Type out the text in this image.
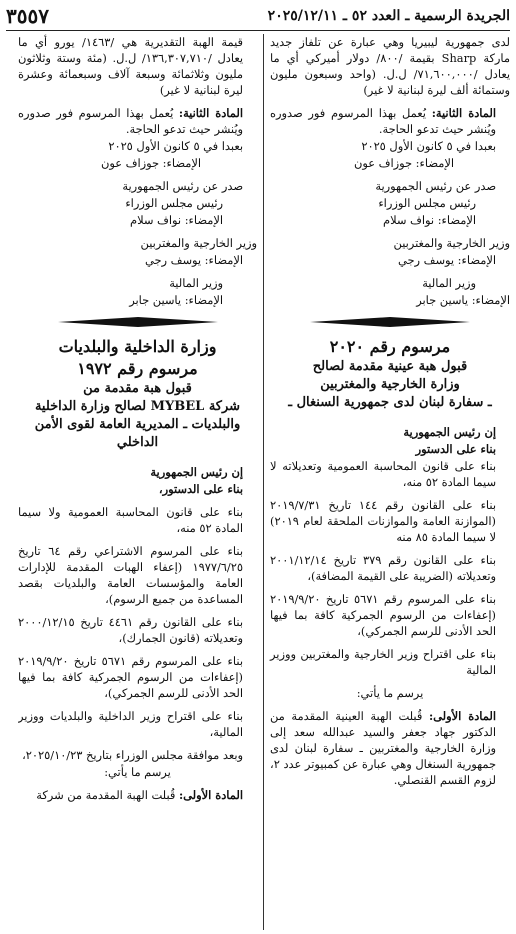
الجريدة الرسمية ـ العدد ٥٢ ـ ٢٠٢٥/١٢/١١
٣٥٥٧

لدى جمهورية ليبيريا وهي عبارة عن تلفاز جديد ماركة Sharp بقيمة /٨٠٠/ دولار أميركي أي ما يعادل /٧١,٦٠٠,٠٠٠/ ل.ل. (واحد وسبعون مليون وستمائة ألف ليرة لبنانية لا غير)

المادة الثانية: يُعمل بهذا المرسوم فور صدوره ويُنشر حيث تدعو الحاجة.

بعبدا في ٥ كانون الأول ٢٠٢٥

الإمضاء: جوزاف عون

صدر عن رئيس الجمهورية

رئيس مجلس الوزراء

الإمضاء: نواف سلام

وزير الخارجية والمغتربين

الإمضاء: يوسف رجي

وزير المالية

الإمضاء: ياسين جابر

مرسوم رقم ٢٠٢٠

قبول هبة عينية مقدمة لصالح

وزارة الخارجية والمغتربين

ـ سفارة لبنان لدى جمهورية السنغال ـ

إن رئيس الجمهورية

بناء على الدستور

بناء على قانون المحاسبة العمومية وتعديلاته لا سيما المادة ٥٢ منه،

بناء على القانون رقم ١٤٤ تاريخ ٢٠١٩/٧/٣١ (الموازنة العامة والموازنات الملحقة لعام ٢٠١٩) لا سيما المادة ٨٥ منه

بناء على القانون رقم ٣٧٩ تاريخ ٢٠٠١/١٢/١٤ وتعديلاته (الضريبة على القيمة المضافة)،

بناء على المرسوم رقم ٥٦٧١ تاريخ ٢٠١٩/٩/٢٠ (إعفاءات من الرسوم الجمركية كافة بما فيها الحد الأدنى للرسم الجمركي)،

بناء على اقتراح وزير الخارجية والمغتربين ووزير المالية

يرسم ما يأتي:

المادة الأولى: قُبلت الهبة العينية المقدمة من الدكتور جهاد جعفر والسيد عبدالله سعد إلى وزارة الخارجية والمغتربين ـ سفارة لبنان لدى جمهورية السنغال وهي عبارة عن كمبيوتر عدد ٢، لزوم القسم القنصلي.

قيمة الهبة التقديرية هي /١٤٦٣/ يورو أي ما يعادل /١٣٦,٣٠٧,٧١٠/ ل.ل. (مئة وستة وثلاثون مليون وثلاثمائة وسبعة آلاف وسبعمائة وعشرة ليرة لبنانية لا غير)

المادة الثانية: يُعمل بهذا المرسوم فور صدوره ويُنشر حيث تدعو الحاجة.

بعبدا في ٥ كانون الأول ٢٠٢٥

الإمضاء: جوزاف عون

صدر عن رئيس الجمهورية

رئيس مجلس الوزراء

الإمضاء: نواف سلام

وزير الخارجية والمغتربين

الإمضاء: يوسف رجي

وزير المالية

الإمضاء: ياسين جابر

وزارة الداخلية والبلديات

مرسوم رقم ١٩٧٢

قبول هبة مقدمة من

شركة MYBEL لصالح وزارة الداخلية

والبلديات ـ المديرية العامة لقوى الأمن الداخلي

إن رئيس الجمهورية

بناء على الدستور،

بناء على قانون المحاسبة العمومية ولا سيما المادة ٥٢ منه،

بناء على المرسوم الاشتراعي رقم ٦٤ تاريخ ١٩٧٧/٦/٢٥ (إعفاء الهبات المقدمة للإدارات العامة والمؤسسات العامة والبلديات بقصد المساعدة من جميع الرسوم)،

بناء على القانون رقم ٤٤٦١ تاريخ ٢٠٠٠/١٢/١٥ وتعديلاته (قانون الجمارك)،

بناء على المرسوم رقم ٥٦٧١ تاريخ ٢٠١٩/٩/٢٠ (إعفاءات من الرسوم الجمركية كافة بما فيها الحد الأدنى للرسم الجمركي)،

بناء على اقتراح وزير الداخلية والبلديات ووزير المالية،

وبعد موافقة مجلس الوزراء بتاريخ ٢٠٢٥/١٠/٢٣،

يرسم ما يأتي:

المادة الأولى: قُبلت الهبة المقدمة من شركة
